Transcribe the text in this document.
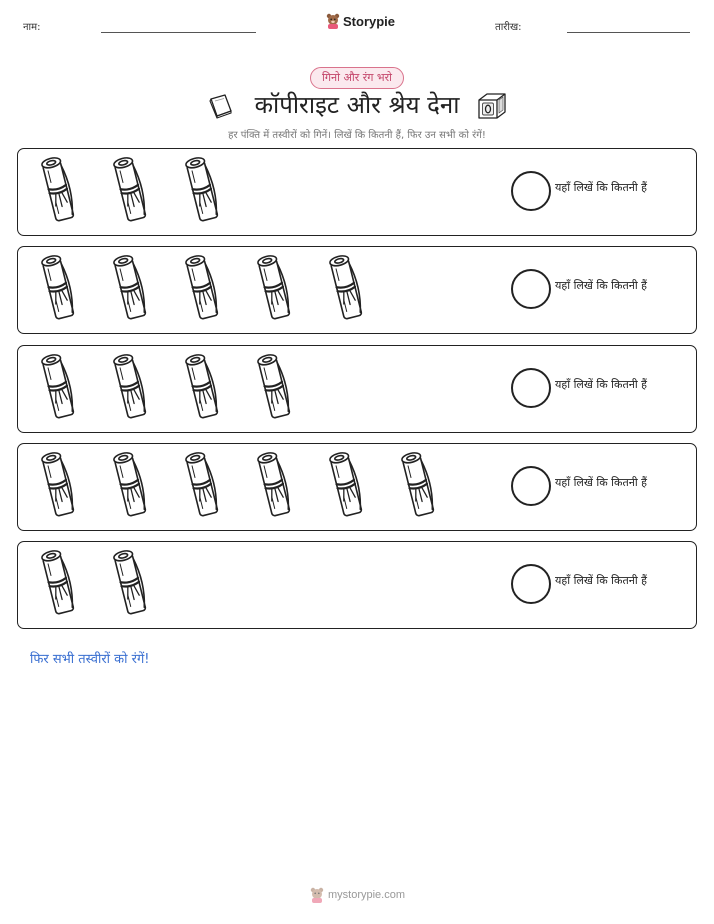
नाम:	Storypie	तारीख:
गिनो और रंग भरो
कॉपीराइट और श्रेय देना
हर पंक्ति में तस्वीरों को गिनें। लिखें कि कितनी हैं, फिर उन सभी को रंगें!
यहाँ लिखें कि कितनी हैं
यहाँ लिखें कि कितनी हैं
यहाँ लिखें कि कितनी हैं
यहाँ लिखें कि कितनी हैं
यहाँ लिखें कि कितनी हैं
फिर सभी तस्वीरों को रंगें!
mystorypie.com
